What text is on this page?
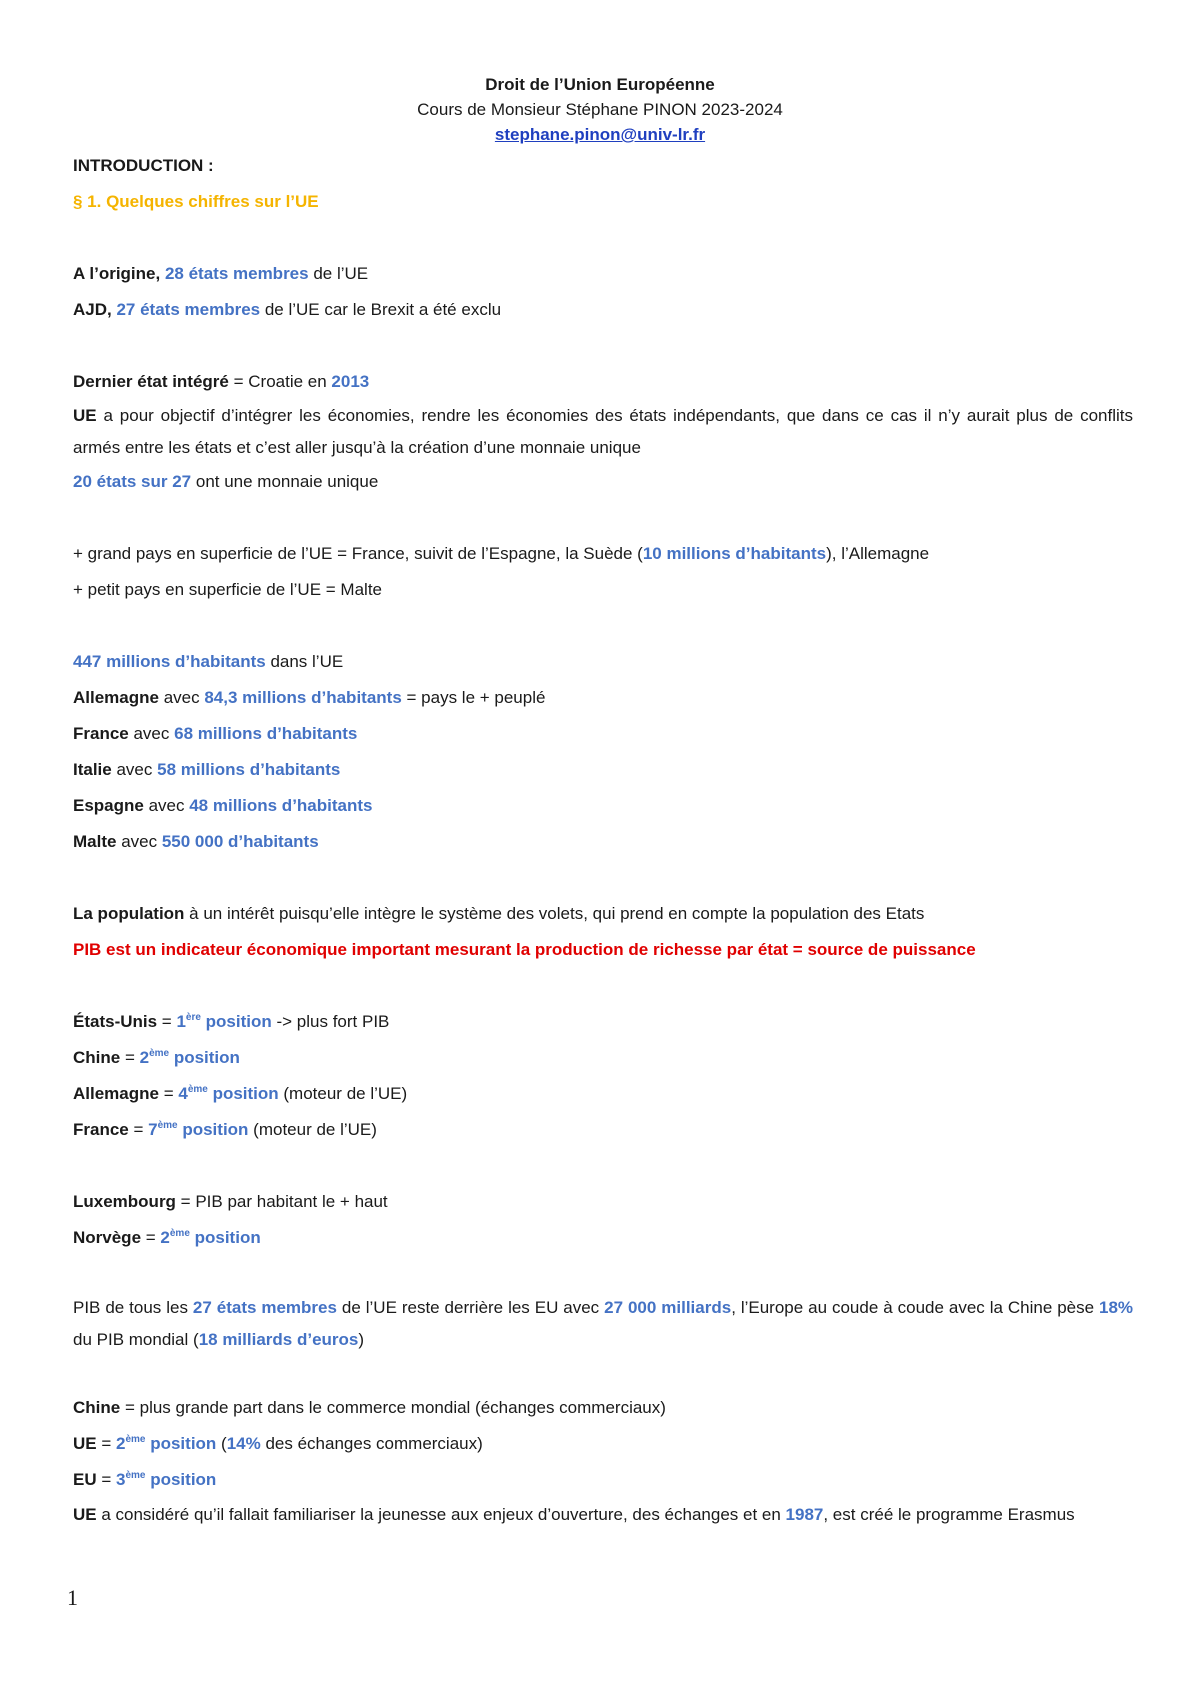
Droit de l’Union Européenne
Cours de Monsieur Stéphane PINON 2023-2024
stephane.pinon@univ-lr.fr

INTRODUCTION :

§ 1. Quelques chiffres sur l’UE

A l’origine, 28 états membres de l’UE

AJD, 27 états membres de l’UE car le Brexit a été exclu

Dernier état intégré = Croatie en 2013

UE a pour objectif d’intégrer les économies, rendre les économies des états indépendants, que dans ce cas il n’y aurait plus de conflits armés entre les états et c’est aller jusqu’à la création d’une monnaie unique

20 états sur 27 ont une monnaie unique

+ grand pays en superficie de l’UE = France, suivit de l’Espagne, la Suède (10 millions d’habitants), l’Allemagne

+ petit pays en superficie de l’UE = Malte

447 millions d’habitants dans l’UE

Allemagne avec 84,3 millions d’habitants = pays le + peuplé

France avec 68 millions d’habitants

Italie avec 58 millions d’habitants

Espagne avec 48 millions d’habitants

Malte avec 550 000 d’habitants

La population à un intérêt puisqu’elle intègre le système des volets, qui prend en compte la population des Etats

PIB est un indicateur économique important mesurant la production de richesse par état = source de puissance

États-Unis = 1ère position -> plus fort PIB

Chine = 2ème position

Allemagne = 4ème position (moteur de l’UE)

France = 7ème position (moteur de l’UE)

Luxembourg = PIB par habitant le + haut

Norvège = 2ème position

PIB de tous les 27 états membres de l’UE reste derrière les EU avec 27 000 milliards, l’Europe au coude à coude avec la Chine pèse 18% du PIB mondial (18 milliards d’euros)

Chine = plus grande part dans le commerce mondial (échanges commerciaux)

UE = 2ème position (14% des échanges commerciaux)

EU = 3ème position

UE a considéré qu’il fallait familiariser la jeunesse aux enjeux d’ouverture, des échanges et en 1987, est créé le programme Erasmus

1
